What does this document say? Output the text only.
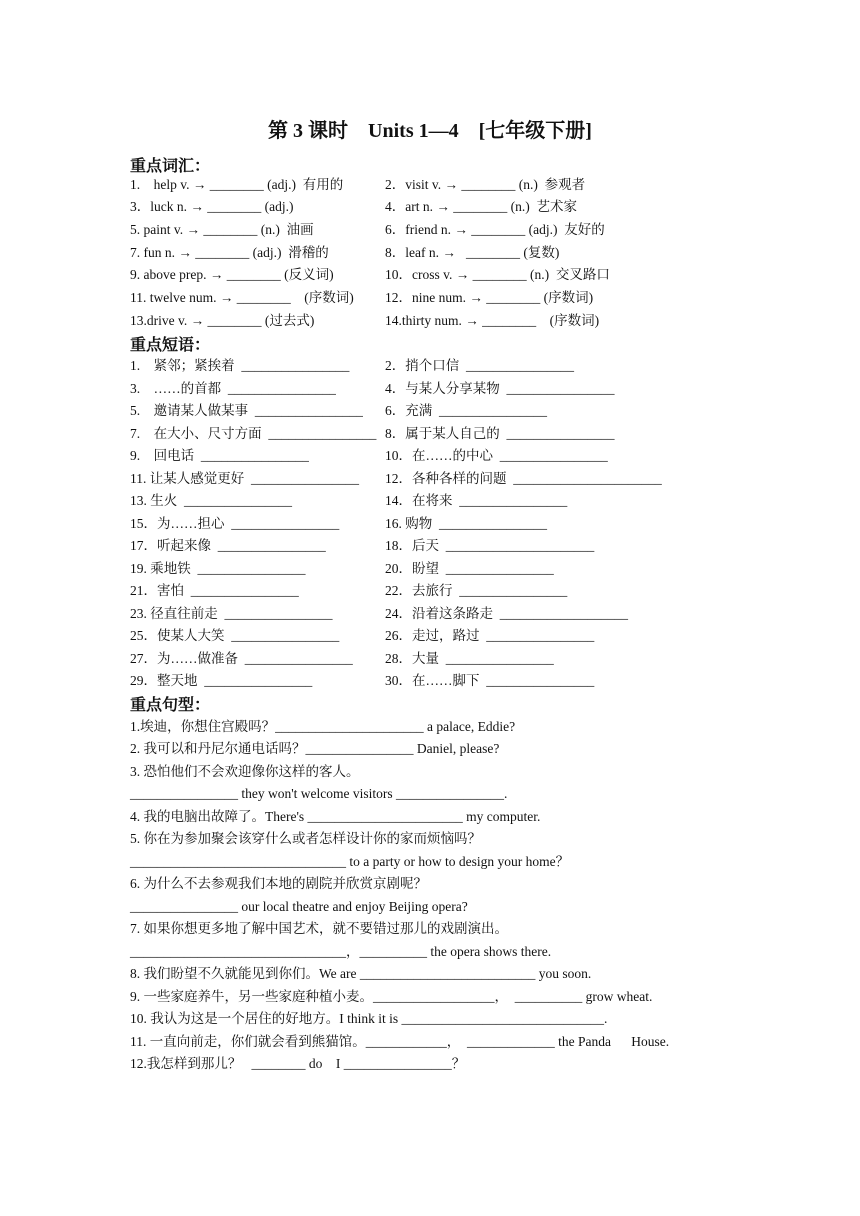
第 3 课时    Units 1—4    [七年级下册]
重点词汇：
1.    help v. → ________ (adj.)  有用的	2．visit v. → ________ (n.)  参观者
3．luck n. → ________ (adj.)	4．art n. → ________ (n.)  艺术家
5. paint v. → ________ (n.)  油画	6．friend n. → ________ (adj.)  友好的
7. fun n. → ________ (adj.)  滑稽的	8．leaf n. →   ________ (复数)
9. above prep. → ________ (反义词)	10．cross v. → ________ (n.)  交叉路口
11. twelve num. → ________    (序数词) 12．nine num. → ________ (序数词)
13.drive v. → ________ (过去式)	14.thirty num. → ________    (序数词)
重点短语：
1.    紧邻；紧挨着  ________________	2．捎个口信  ________________
3.    ……的首都  ________________	4．与某人分享某物  ________________
5.    邀请某人做某事  ________________ 6．充满  ________________
7.    在大小、尺寸方面  ________________ 8．属于某人自己的  ________________
9.    回电话  ________________	10．在……的中心  ________________
11. 让某人感觉更好  ________________ 12．各种各样的问题  ______________________
13. 生火  ________________	14．在将来  ________________
15．为……担心  ________________	16. 购物  ________________
17．听起来像  ________________	18．后天  ______________________
19. 乘地铁  ________________	20．盼望  ________________
21．害怕  ________________	22．去旅行  ________________
23. 径直往前走  ________________	24．沿着这条路走  ___________________
25．使某人大笑  ________________	26．走过，路过  ________________
27．为……做准备  ________________ 28．大量  ________________
29．整天地  ________________	30．在……脚下  ________________
重点句型：
1.埃迪，你想住宫殿吗？______________________ a palace, Eddie?
2. 我可以和丹尼尔通电话吗？________________ Daniel, please?
3. 恐怕他们不会欢迎像你这样的客人。
________________ they won't welcome visitors ________________.
4. 我的电脑出故障了。There's _______________________ my computer.
5. 你在为参加聚会该穿什么或者怎样设计你的家而烦恼吗？
________________________________ to a party or how to design your home？
6. 为什么不去参观我们本地的剧院并欣赏京剧呢？
________________ our local theatre and enjoy Beijing opera?
7. 如果你想更多地了解中国艺术，就不要错过那儿的戏剧演出。
________________________________，__________ the opera shows there.
8. 我们盼望不久就能见到你们。We are __________________________ you soon.
9. 一些家庭养牛，另一些家庭种植小麦。__________________，  __________ grow wheat.
10. 我认为这是一个居住的好地方。I think it is ______________________________.
11. 一直向前走，你们就会看到熊猫馆。____________，  _____________ the Panda      House.
12.我怎样到那儿？   ________ do    I ________________？
